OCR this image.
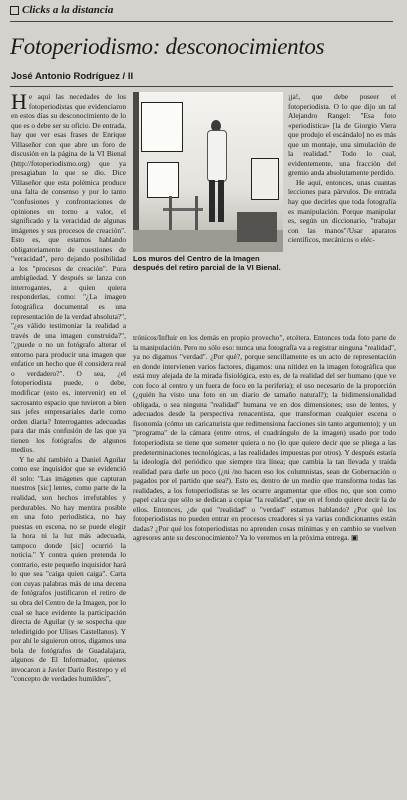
Clicks a la distancia
Fotoperiodismo: desconocimientos
José Antonio Rodríguez / II

He aquí las necedades de los fotoperiodistas que evidenciaron en estos días su desconocimiento de lo que es o debe ser su oficio. De entrada, hay que ver esas frases de Enrique Villaseñor con que abre un foro de discusión en la página de la VI Bienal (http://fotoperiodismo.org) que ya presagiaban lo que se dio. Dice Villaseñor que esta polémica produce una falta de consenso y por lo tanto "confusiones y confrontaciones de opiniones en torno a valor, el significado y la veracidad de algunas imágenes y sus procesos de creación". Esto es, que estamos hablando obligatoriamente de cuestiones de "veracidad", pero dejando posibilidad a los "procesos de creación". Pura ambigüedad. Y después se lanza con interrogantes, a quien quiera responderlas, como: "¿La imagen fotográfica documental es una representación de la verdad absoluta?", "¿es válido testimoniar la realidad a través de una imagen construida?", "¿puede o no un fotógrafo alterar el entorno para producir una imagen que enfatice un hecho que él considera real o verdadero?". O sea, ¿el fotoperiodista puede, o debe, modificar (esto es, intervenir) en el sacrosanto espacio que tuvieron a bien sus jefes empresariales darle como orden diaria? Interrogantes adecuadas para dar más confusión de las que ya tienen los fotógrafos de algunos medios.

Y he ahí también a Daniel Aguilar como ese inquisidor que se evidenció él solo: "Las imágenes que capturan nuestros [sic] lentes, como parte de la realidad, son hechos irrefutables y perdurables. No hay mentira posible en una foto periodística, no hay puestas en escena, no se puede elegir la hora ni la luz más adecuada, tampoco donde [sic] ocurrió la noticia." Y contra quien pretenda lo contrario, este pequeño inquisidor hará lo que sea "caiga quien caiga". Carta con cuyas palabras más de una decena de fotógrafos justificaron el retiro de su obra del Centro de la Imagen, por lo cual se hace evidente la participación directa de Aguilar (y se sospecha que teledirigido por Ulises Castellanos). Y por ahí le siguieron otros, digamos una bola de fotógrafos de Guadalajara, algunos de El Informador, quienes invocaron a Javier Darío Restrepo y el "concepto de verdades humildes",

Los muros del Centro de la Imagen después del retiro parcial de la VI Bienal.

¡ja!, que debe poseer el fotoperiodista. O lo que dijo un tal Alejandro Rangel: "Esa foto «periodística» [la de Giorgio Viera que produjo el escándalo] no es más que un montaje, una simulación de la realidad." Todo lo cual, evidentemente, una fracción del gremio anda absolutamente perdido.

He aquí, entonces, unas cuantas lecciones para párvulos. De entrada hay que decirles que toda fotografía es manipulación. Porque manipular es, según un diccionario, "trabajar con las manos"/Usar aparatos científicos, mecánicos o eléc-

trónicos/Influir en los demás en propio provecho", etcétera. Entonces toda foto parte de la manipulación. Pero no sólo eso: nunca una fotografía va a registrar ninguna "realidad", ya no digamos "verdad". ¿Por qué?, porque sencillamente es un acto de representación en donde intervienen varios factores, digamos: una nitidez en la imagen fotográfica que está muy alejada de la mirada fisiológica, esto es, de la realidad del ser humano (que ve con foco al centro y un fuera de foco en la periferia); el uso necesario de la proporción (¿quién ha visto una foto en un diario de tamaño natural?); la bidimensionalidad obligada, o sea ninguna "realidad" humana ve en dos dimensiones; uso de lentes, y adecuados desde la perspectiva renacentista, que transforman cualquier escena o fisonomía (cómo un caricaturista que redimensiona facciones sin tanto argumento); y un "programa" de la cámara (entre otros, el cuadrángulo de la imagen) usado por todo fotoperiodista se tiene que someter quiera o no (lo que quiere decir que se pliega a las predeterminaciones tecnológicas, a las realidades impuestas por otros). Y después estaría la ideología del periódico que siempre tira línea; que cambia la tan llevada y traída realidad para darle un poco (¿ni /no hacen eso los columnistas, sean de Gobernación o pagados por el partido que sea?). Esto es, dentro de un medio que transforma todas las realidades, a los fotoperiodistas se les ocurre argumentar que ellos no, que son como papel calca que sólo se dedican a copiar "la realidad", que en el fondo quiere decir la de ellos. Entonces, ¿de qué "realidad" o "verdad" estamos hablando? ¿Por qué los fotoperiodistas no pueden entrar en procesos creadores si ya varias condicionantes están dadas? ¿Por qué los fotoperiodistas no aprenden cosas mínimas y en cambio se vuelven agresores ante su desconocimiento? Ya lo veremos en la próxima entrega. ▣
